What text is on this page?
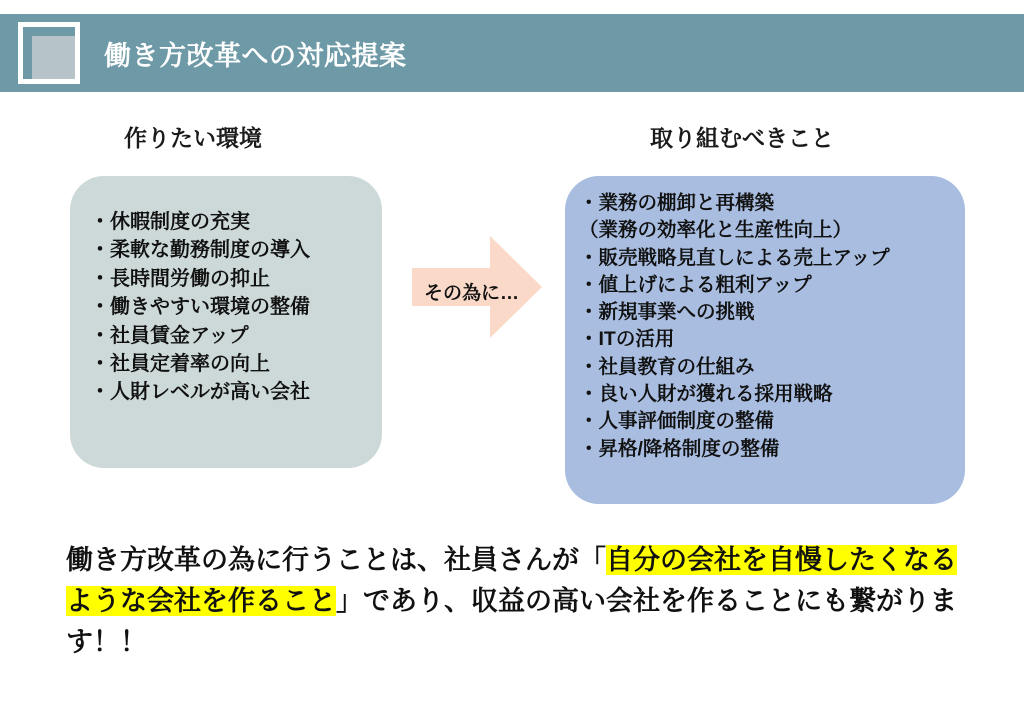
働き方改革への対応提案
作りたい環境
・休暇制度の充実
・柔軟な勤務制度の導入
・長時間労働の抑止
・働きやすい環境の整備
・社員賃金アップ
・社員定着率の向上
・人財レベルが高い会社
その為に…
取り組むべきこと
・業務の棚卸と再構築
（業務の効率化と生産性向上）
・販売戦略見直しによる売上アップ
・値上げによる粗利アップ
・新規事業への挑戦
・ITの活用
・社員教育の仕組み
・良い人財が獲れる採用戦略
・人事評価制度の整備
・昇格/降格制度の整備
働き方改革の為に行うことは、社員さんが「自分の会社を自慢したくなるような会社を作ること」であり、収益の高い会社を作ることにも繋がります！！
